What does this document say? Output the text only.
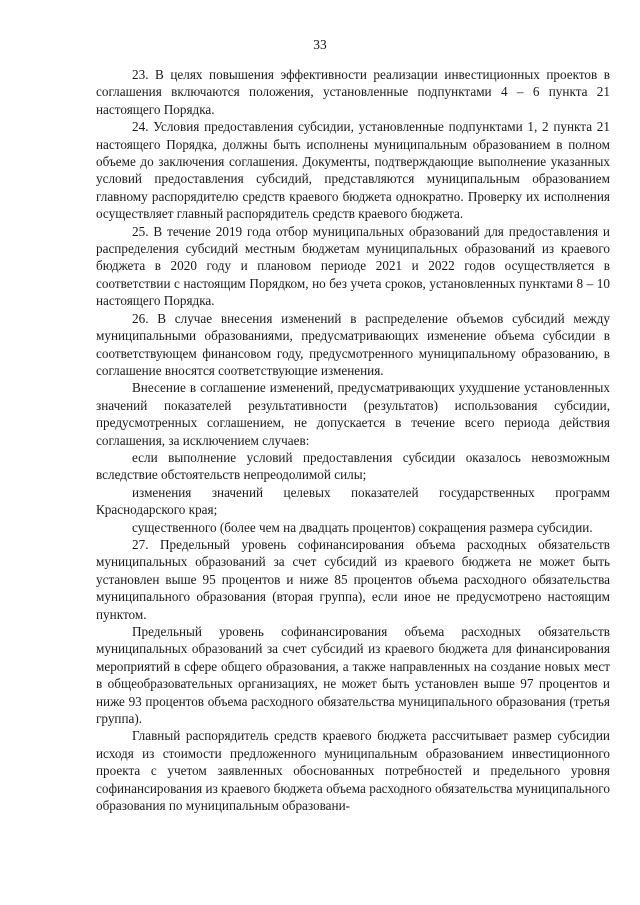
33

23. В целях повышения эффективности реализации инвестиционных проектов в соглашения включаются положения, установленные подпунктами 4 – 6 пункта 21 настоящего Порядка.

24. Условия предоставления субсидии, установленные подпунктами 1, 2 пункта 21 настоящего Порядка, должны быть исполнены муниципальным образованием в полном объеме до заключения соглашения. Документы, подтверждающие выполнение указанных условий предоставления субсидий, представляются муниципальным образованием главному распорядителю средств краевого бюджета однократно. Проверку их исполнения осуществляет главный распорядитель средств краевого бюджета.

25. В течение 2019 года отбор муниципальных образований для предоставления и распределения субсидий местным бюджетам муниципальных образований из краевого бюджета в 2020 году и плановом периоде 2021 и 2022 годов осуществляется в соответствии с настоящим Порядком, но без учета сроков, установленных пунктами 8 – 10 настоящего Порядка.

26. В случае внесения изменений в распределение объемов субсидий между муниципальными образованиями, предусматривающих изменение объема субсидии в соответствующем финансовом году, предусмотренного муниципальному образованию, в соглашение вносятся соответствующие изменения.

Внесение в соглашение изменений, предусматривающих ухудшение установленных значений показателей результативности (результатов) использования субсидии, предусмотренных соглашением, не допускается в течение всего периода действия соглашения, за исключением случаев:

если выполнение условий предоставления субсидии оказалось невозможным вследствие обстоятельств непреодолимой силы;

изменения значений целевых показателей государственных программ Краснодарского края;

существенного (более чем на двадцать процентов) сокращения размера субсидии.

27. Предельный уровень софинансирования объема расходных обязательств муниципальных образований за счет субсидий из краевого бюджета не может быть установлен выше 95 процентов и ниже 85 процентов объема расходного обязательства муниципального образования (вторая группа), если иное не предусмотрено настоящим пунктом.

Предельный уровень софинансирования объема расходных обязательств муниципальных образований за счет субсидий из краевого бюджета для финансирования мероприятий в сфере общего образования, а также направленных на создание новых мест в общеобразовательных организациях, не может быть установлен выше 97 процентов и ниже 93 процентов объема расходного обязательства муниципального образования (третья группа).

Главный распорядитель средств краевого бюджета рассчитывает размер субсидии исходя из стоимости предложенного муниципальным образованием инвестиционного проекта с учетом заявленных обоснованных потребностей и предельного уровня софинансирования из краевого бюджета объема расходного обязательства муниципального образования по муниципальным образовани-
